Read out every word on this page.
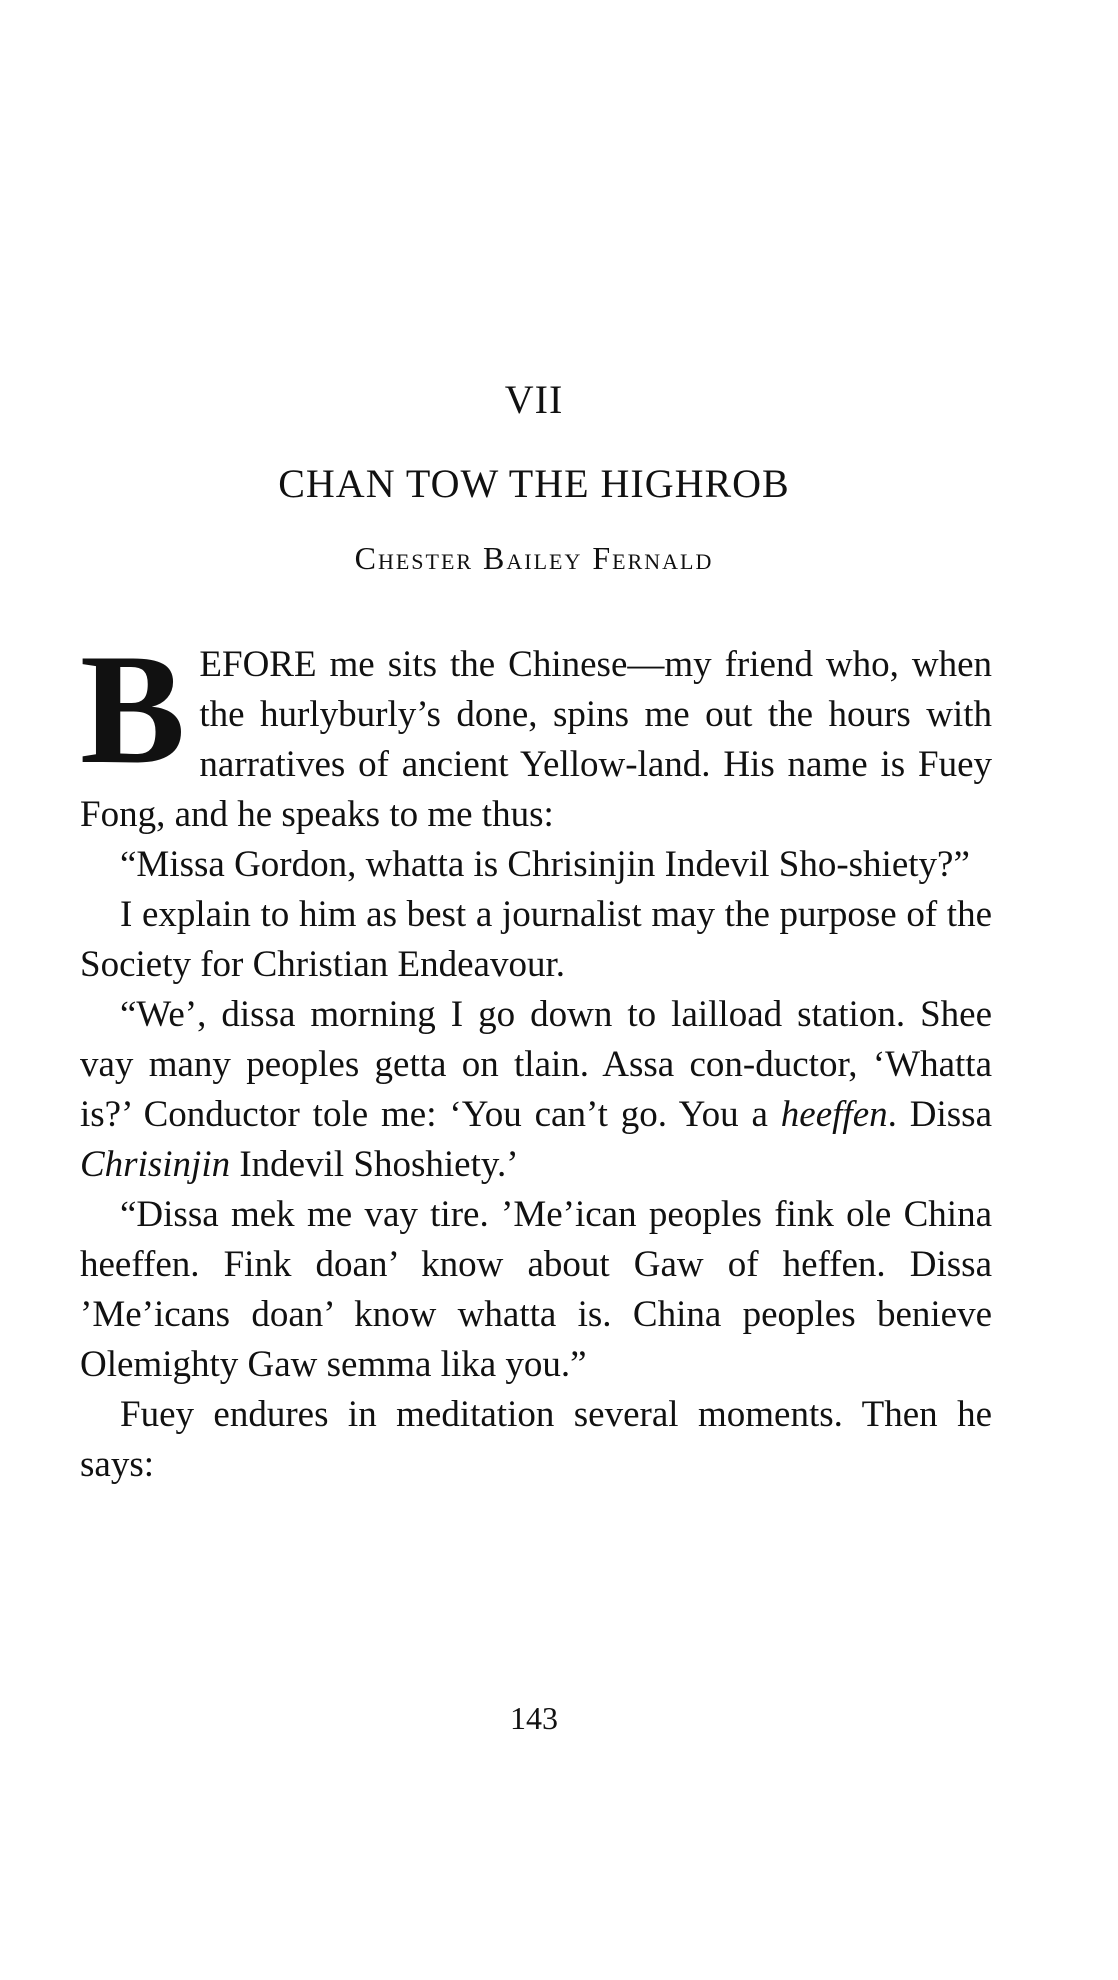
VII
CHAN TOW THE HIGHROB
Chester Bailey Fernald

BEFORE me sits the Chinese—my friend who, when the hurlyburly’s done, spins me out the hours with narratives of ancient Yellow-land. His name is Fuey Fong, and he speaks to me thus:

“Missa Gordon, whatta is Chrisinjin Indevil Sho-shiety?”

I explain to him as best a journalist may the purpose of the Society for Christian Endeavour.

“We’, dissa morning I go down to lailload station. Shee vay many peoples getta on tlain. Assa con-ductor, ‘Whatta is?’ Conductor tole me: ‘You can’t go. You a heeffen. Dissa Chrisinjin Indevil Shoshiety.’

“Dissa mek me vay tire. ’Me’ican peoples fink ole China heeffen. Fink doan’ know about Gaw of heffen. Dissa ’Me’icans doan’ know whatta is. China peoples benieve Olemighty Gaw semma lika you.”

Fuey endures in meditation several moments. Then he says:

143
